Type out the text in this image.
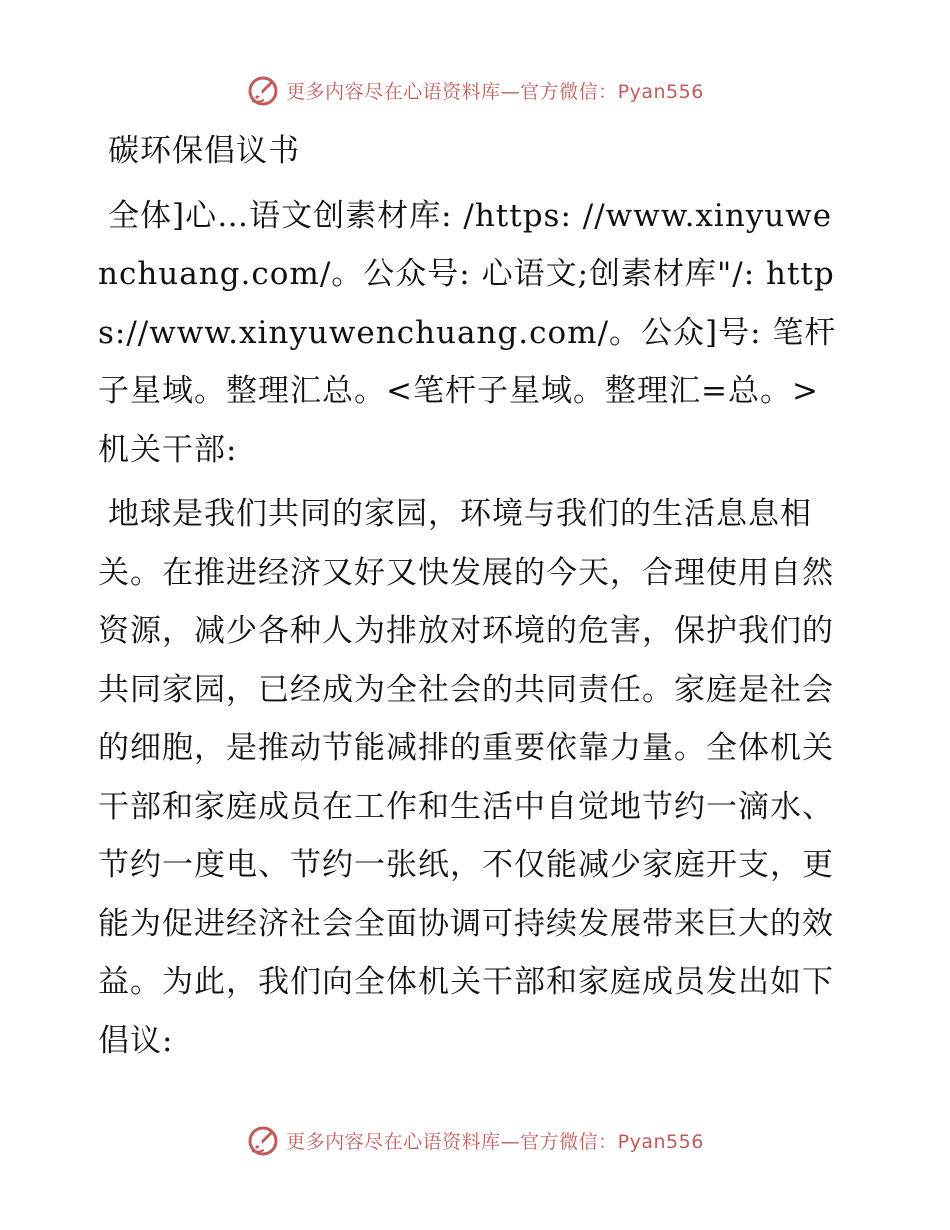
更多内容尽在心语资料库—官方微信：Pyan556

碳环保倡议书

全体]心…语文创素材库: /https: //www.xinyuwenchuang.com/。公众号: 心语文;创素材库"/: https://www.xinyuwenchuang.com/。公众]号: 笔杆子星域。整理汇总。<笔杆子星域。整理汇=总。>机关干部:

地球是我们共同的家园，环境与我们的生活息息相关。在推进经济又好又快发展的今天，合理使用自然资源，减少各种人为排放对环境的危害，保护我们的共同家园，已经成为全社会的共同责任。家庭是社会的细胞，是推动节能减排的重要依靠力量。全体机关干部和家庭成员在工作和生活中自觉地节约一滴水、节约一度电、节约一张纸，不仅能减少家庭开支，更能为促进经济社会全面协调可持续发展带来巨大的效益。为此，我们向全体机关干部和家庭成员发出如下倡议:

更多内容尽在心语资料库—官方微信：Pyan556
